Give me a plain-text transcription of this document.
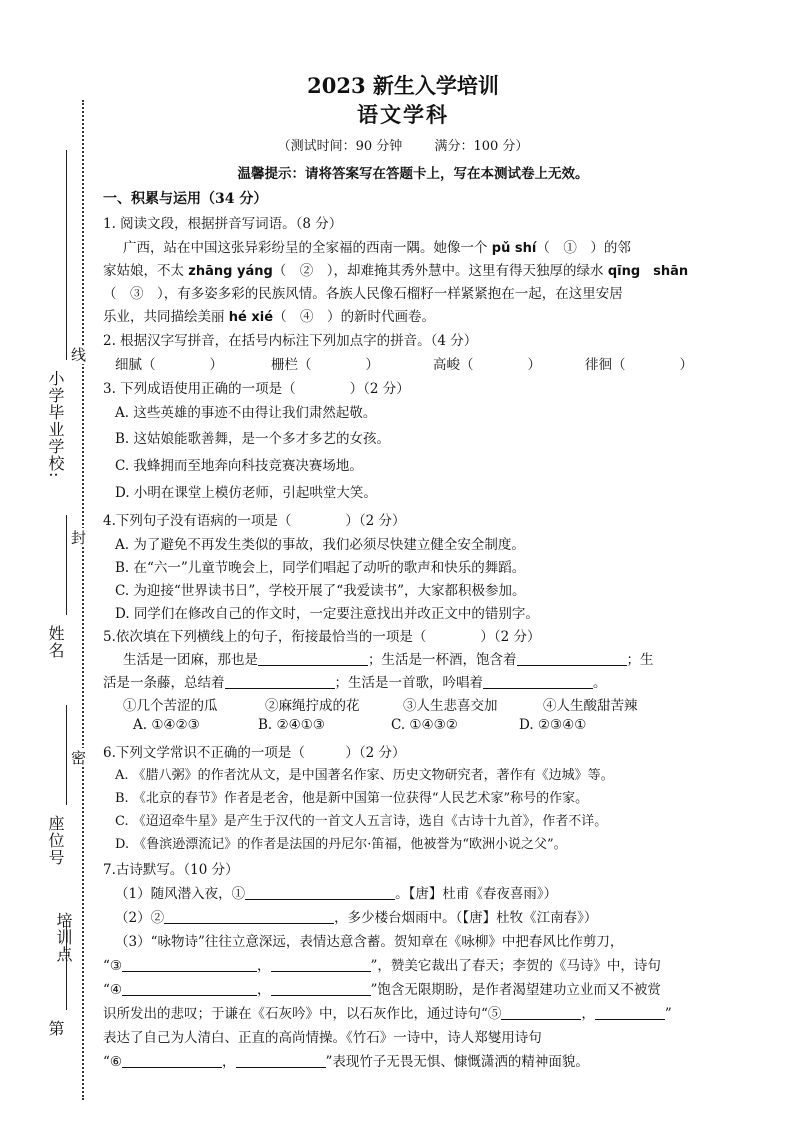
小学毕业学校:
姓名
座位号
培训点
第
线
封
密
2023 新生入学培训
语文学科
（测试时间：90 分钟 满分：100 分）
温馨提示：请将答案写在答题卡上，写在本测试卷上无效。
一、积累与运用（34 分）
1. 阅读文段，根据拼音写词语。（8 分）
广西，站在中国这张异彩纷呈的全家福的西南一隅。她像一个 pǔ shí（　①　）的邻
家姑娘，不太 zhāng yáng（　②　），却难掩其秀外慧中。这里有得天独厚的绿水 qīng　shān
（　③　），有多姿多彩的民族风情。各族人民像石榴籽一样紧紧抱在一起，在这里安居
乐业，共同描绘美丽 hé xié（　④　）的新时代画卷。
2. 根据汉字写拼音，在括号内标注下列加点字的拼音。（4 分）
细腻（　　　　）	栅栏（　　　　）	高峻（　　　　）	徘徊（　　　　）
3. 下列成语使用正确的一项是（　　　　）（2 分）
A. 这些英雄的事迹不由得让我们肃然起敬。
B. 这姑娘能歌善舞，是一个多才多艺的女孩。
C. 我蜂拥而至地奔向科技竞赛决赛场地。
D. 小明在课堂上模仿老师，引起哄堂大笑。
4.下列句子没有语病的一项是（　　　　）（2 分）
A. 为了避免不再发生类似的事故，我们必须尽快建立健全安全制度。
B. 在“六一”儿童节晚会上，同学们唱起了动听的歌声和快乐的舞蹈。
C. 为迎接“世界读书日”，学校开展了“我爱读书”，大家都积极参加。
D. 同学们在修改自己的作文时，一定要注意找出并改正文中的错别字。
5.依次填在下列横线上的句子，衔接最恰当的一项是（　　　　）（2 分）
生活是一团麻，那也是	；生活是一杯酒，饱含着	；生
活是一条藤，总结着	；生活是一首歌，吟唱着	。
①几个苦涩的瓜	②麻绳拧成的花	③人生悲喜交加	④人生酸甜苦辣
A. ①④②③	B. ②④①③	C. ①④③②	D. ②③④①
6.下列文学常识不正确的一项是（　　　）（2 分）
A. 《腊八粥》的作者沈从文，是中国著名作家、历史文物研究者，著作有《边城》等。
B. 《北京的春节》作者是老舍，他是新中国第一位获得“人民艺术家”称号的作家。
C. 《迢迢牵牛星》是产生于汉代的一首文人五言诗，选自《古诗十九首》，作者不详。
D. 《鲁滨逊漂流记》的作者是法国的丹尼尔·笛福，他被誉为“欧洲小说之父”。
7.古诗默写。（10 分）
（1）随风潜入夜，①	。【唐】杜甫《春夜喜雨》）
（2）②	，多少楼台烟雨中。（【唐】杜牧《江南春》）
（3）“咏物诗”往往立意深远，表情达意含蓄。贺知章在《咏柳》中把春风比作剪刀，
“③	，	”，赞美它裁出了春天；李贺的《马诗》中，诗句
“④	，	”饱含无限期盼，是作者渴望建功立业而又不被赏
识所发出的悲叹；于谦在《石灰吟》中，以石灰作比，通过诗句“⑤	，	”
表达了自己为人清白、正直的高尚情操。《竹石》一诗中，诗人郑燮用诗句
“⑥	，	”表现竹子无畏无惧、慷慨潇洒的精神面貌。
